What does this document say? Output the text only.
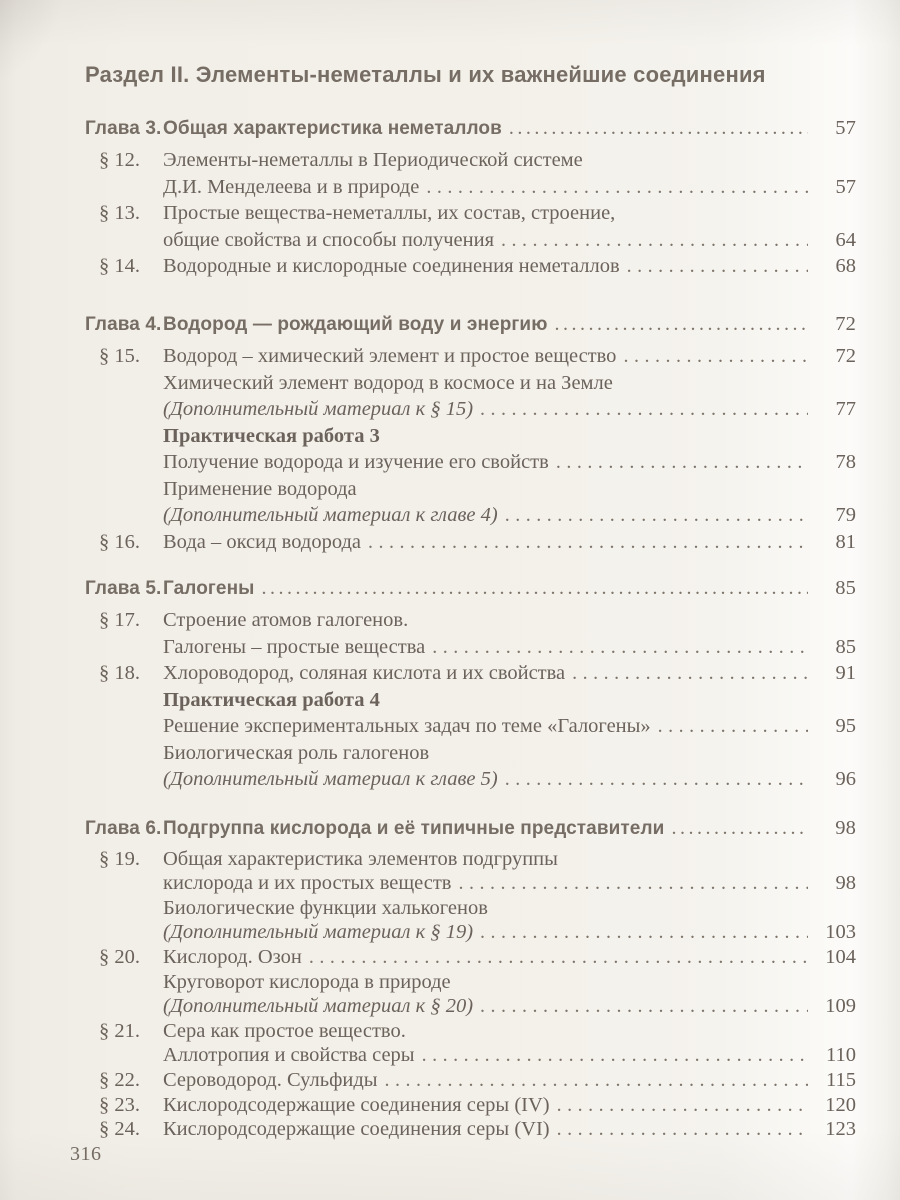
Раздел II. Элементы-неметаллы и их важнейшие соединения
Глава 3. Общая характеристика неметаллов .....	57
§ 12.	Элементы-неметаллы в Периодической системе
Д.И. Менделеева и в природе .....	57
§ 13.	Простые вещества-неметаллы, их состав, строение,
общие свойства и способы получения .....	64
§ 14.	Водородные и кислородные соединения неметаллов .....	68
Глава 4. Водород — рождающий воду и энергию .....	72
§ 15.	Водород – химический элемент и простое вещество .....	72
Химический элемент водород в космосе и на Земле
(Дополнительный материал к § 15) .....	77
Практическая работа 3
Получение водорода и изучение его свойств .....	78
Применение водорода
(Дополнительный материал к главе 4) .....	79
§ 16.	Вода – оксид водорода .....	81
Глава 5. Галогены .....	85
§ 17.	Строение атомов галогенов.
Галогены – простые вещества .....	85
§ 18.	Хлороводород, соляная кислота и их свойства .....	91
Практическая работа 4
Решение экспериментальных задач по теме «Галогены» .....	95
Биологическая роль галогенов
(Дополнительный материал к главе 5) .....	96
Глава 6. Подгруппа кислорода и её типичные представители .....	98
§ 19.	Общая характеристика элементов подгруппы
кислорода и их простых веществ .....	98
Биологические функции халькогенов
(Дополнительный материал к § 19) .....	103
§ 20.	Кислород. Озон .....	104
Круговорот кислорода в природе
(Дополнительный материал к § 20) .....	109
§ 21.	Сера как простое вещество.
Аллотропия и свойства серы .....	110
§ 22.	Сероводород. Сульфиды .....	115
§ 23.	Кислородсодержащие соединения серы (IV) .....	120
§ 24.	Кислородсодержащие соединения серы (VI) .....	123
316
